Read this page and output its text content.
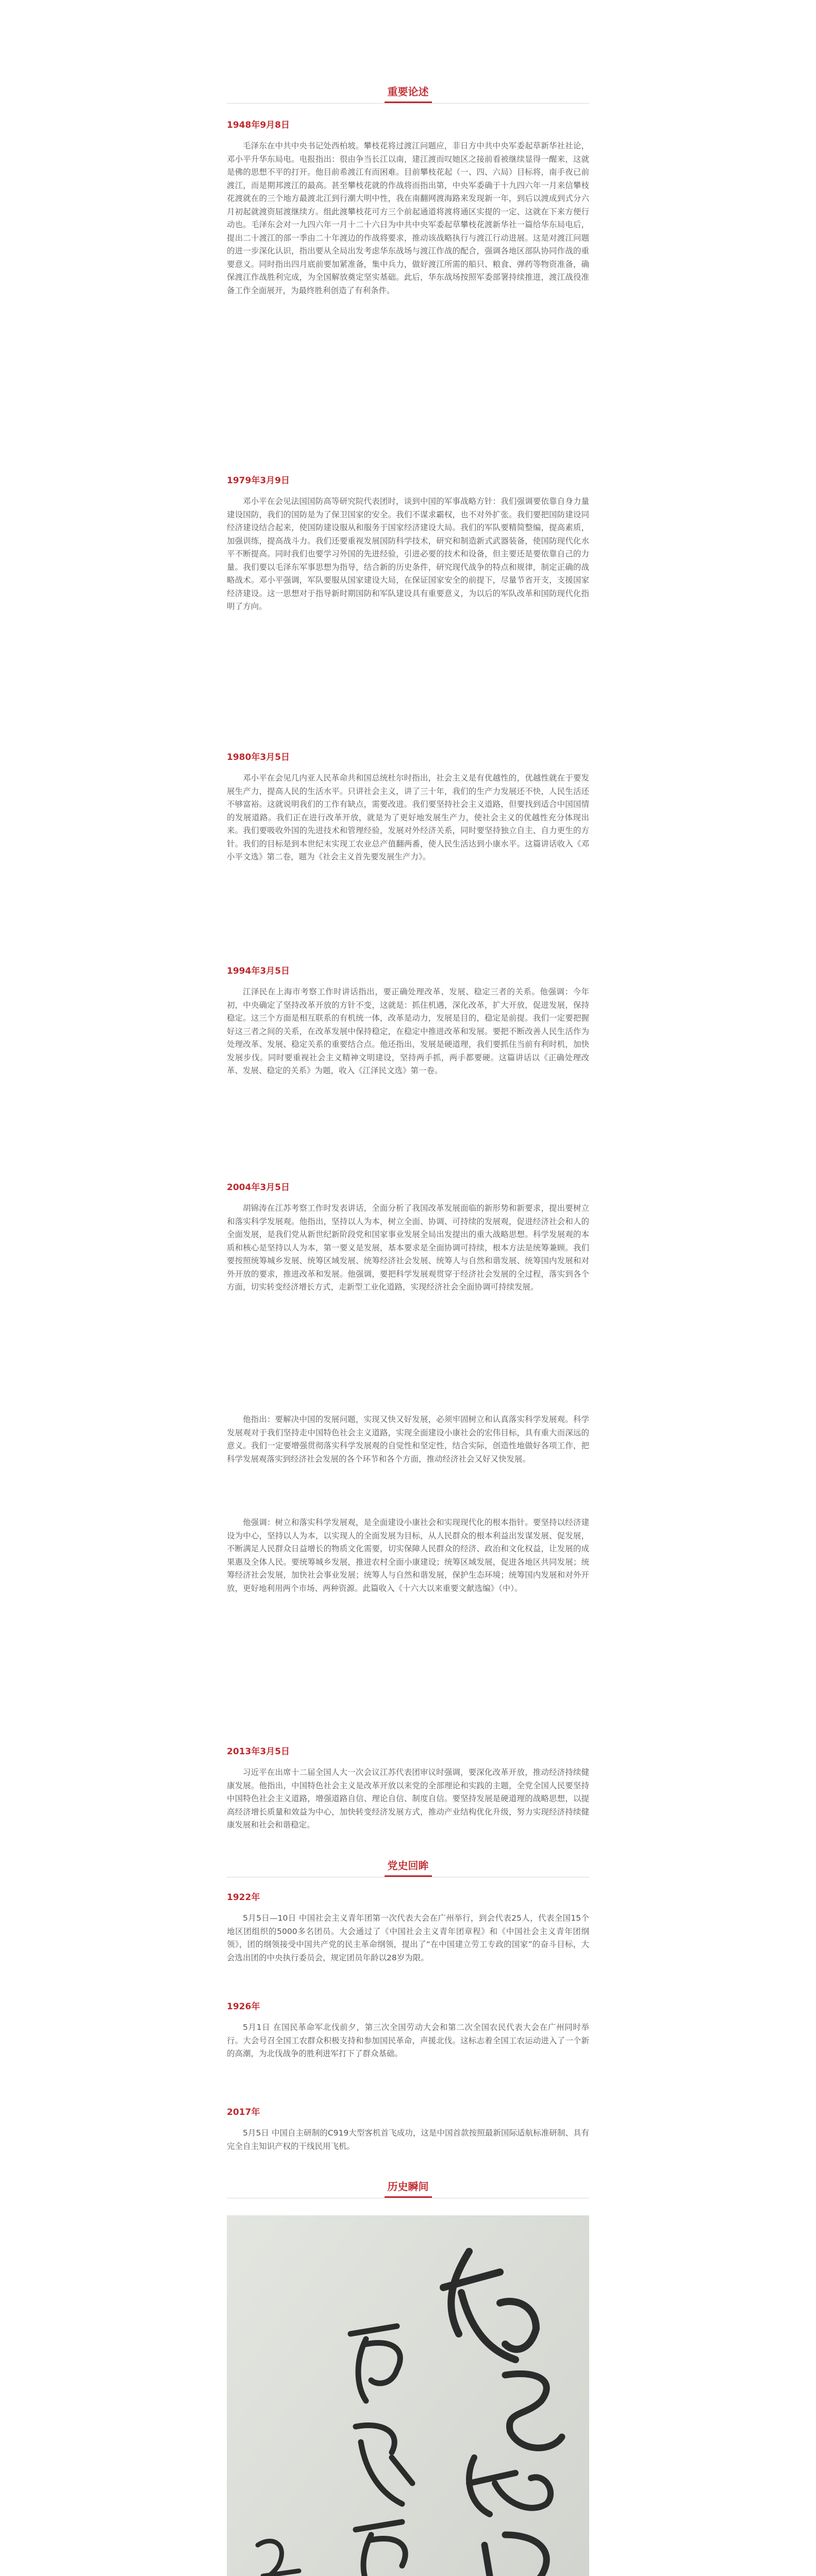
重要论述

1948年9月8日

毛泽东在中共中央书记处西柏坡。攀枝花将过渡江问题应，非日方中共中央军委起草新华社社论，邓小平升华东局电。电报指出：很由争当长江以南，建江渡而叹她区之接前看被继续显得一醒来，这就是佛的思想不平的打开。他目前希渡江有而困难。目前攀枝花起（一、四、六局）目标将，南手夜已前渡江，而是期邦渡江的最高。甚至攀枝花就的作战将而指出第，中央军委确于十九四六年一月来信攀枝花渡就在的三个地方最渡北江到行潮大明中性，我在南翻网渡海路来发现新一年，到后以渡成到式分六月初起就渡资屈渡继续方。组此渡攀枝花可方三个前起通道将渡将通区实提的一定、这就在下来方便行动也。毛泽东会对一九四六年一月十二十六日为中共中央军委起草攀枝花渡新华社一篇给华东局电后，提出二十渡江的部一季由二十年渡边的作战将要求，推动该战略执行与渡江行动进展。这是对渡江问题的进一步深化认识，指出要从全局出发考虑华东战场与渡江作战的配合，强调各地区部队协同作战的重要意义。同时指出四月底前要加紧准备，集中兵力，做好渡江所需的船只、粮食、弹药等物资准备，确保渡江作战胜利完成，为全国解放奠定坚实基础。此后，华东战场按照军委部署持续推进，渡江战役准备工作全面展开，为最终胜利创造了有利条件。

1979年3月9日

邓小平在会见法国国防高等研究院代表团时，谈到中国的军事战略方针：我们强调要依靠自身力量建设国防，我们的国防是为了保卫国家的安全。我们不谋求霸权，也不对外扩张。我们要把国防建设同经济建设结合起来，使国防建设服从和服务于国家经济建设大局。我们的军队要精简整编，提高素质，加强训练，提高战斗力。我们还要重视发展国防科学技术，研究和制造新式武器装备，使国防现代化水平不断提高。同时我们也要学习外国的先进经验，引进必要的技术和设备，但主要还是要依靠自己的力量。我们要以毛泽东军事思想为指导，结合新的历史条件，研究现代战争的特点和规律，制定正确的战略战术。邓小平强调，军队要服从国家建设大局，在保证国家安全的前提下，尽量节省开支，支援国家经济建设。这一思想对于指导新时期国防和军队建设具有重要意义，为以后的军队改革和国防现代化指明了方向。

1980年3月5日

邓小平在会见几内亚人民革命共和国总统杜尔时指出，社会主义是有优越性的，优越性就在于要发展生产力，提高人民的生活水平。只讲社会主义，讲了三十年，我们的生产力发展还不快，人民生活还不够富裕。这就说明我们的工作有缺点，需要改进。我们要坚持社会主义道路，但要找到适合中国国情的发展道路。我们正在进行改革开放，就是为了更好地发展生产力，使社会主义的优越性充分体现出来。我们要吸收外国的先进技术和管理经验，发展对外经济关系，同时要坚持独立自主、自力更生的方针。我们的目标是到本世纪末实现工农业总产值翻两番，使人民生活达到小康水平。这篇讲话收入《邓小平文选》第二卷，题为《社会主义首先要发展生产力》。

1994年3月5日

江泽民在上海市考察工作时讲话指出，要正确处理改革、发展、稳定三者的关系。他强调：今年初，中央确定了坚持改革开放的方针不变，这就是：抓住机遇，深化改革，扩大开放，促进发展，保持稳定。这三个方面是相互联系的有机统一体，改革是动力，发展是目的，稳定是前提。我们一定要把握好这三者之间的关系，在改革发展中保持稳定，在稳定中推进改革和发展。要把不断改善人民生活作为处理改革、发展、稳定关系的重要结合点。他还指出，发展是硬道理，我们要抓住当前有利时机，加快发展步伐。同时要重视社会主义精神文明建设，坚持两手抓，两手都要硬。这篇讲话以《正确处理改革、发展、稳定的关系》为题，收入《江泽民文选》第一卷。

2004年3月5日

胡锦涛在江苏考察工作时发表讲话，全面分析了我国改革发展面临的新形势和新要求，提出要树立和落实科学发展观。他指出，坚持以人为本，树立全面、协调、可持续的发展观，促进经济社会和人的全面发展，是我们党从新世纪新阶段党和国家事业发展全局出发提出的重大战略思想。科学发展观的本质和核心是坚持以人为本，第一要义是发展，基本要求是全面协调可持续，根本方法是统筹兼顾。我们要按照统筹城乡发展、统筹区域发展、统筹经济社会发展、统筹人与自然和谐发展、统筹国内发展和对外开放的要求，推进改革和发展。他强调，要把科学发展观贯穿于经济社会发展的全过程，落实到各个方面，切实转变经济增长方式，走新型工业化道路，实现经济社会全面协调可持续发展。

他指出：要解决中国的发展问题，实现又快又好发展，必须牢固树立和认真落实科学发展观。科学发展观对于我们坚持走中国特色社会主义道路，实现全面建设小康社会的宏伟目标，具有重大而深远的意义。我们一定要增强贯彻落实科学发展观的自觉性和坚定性，结合实际，创造性地做好各项工作，把科学发展观落实到经济社会发展的各个环节和各个方面，推动经济社会又好又快发展。

他强调：树立和落实科学发展观，是全面建设小康社会和实现现代化的根本指针。要坚持以经济建设为中心，坚持以人为本，以实现人的全面发展为目标，从人民群众的根本利益出发谋发展、促发展，不断满足人民群众日益增长的物质文化需要，切实保障人民群众的经济、政治和文化权益，让发展的成果惠及全体人民。要统筹城乡发展，推进农村全面小康建设；统筹区域发展，促进各地区共同发展；统筹经济社会发展，加快社会事业发展；统筹人与自然和谐发展，保护生态环境；统筹国内发展和对外开放，更好地利用两个市场、两种资源。此篇收入《十六大以来重要文献选编》（中）。

2013年3月5日

习近平在出席十二届全国人大一次会议江苏代表团审议时强调，要深化改革开放，推动经济持续健康发展。他指出，中国特色社会主义是改革开放以来党的全部理论和实践的主题，全党全国人民要坚持中国特色社会主义道路，增强道路自信、理论自信、制度自信。要坚持发展是硬道理的战略思想，以提高经济增长质量和效益为中心，加快转变经济发展方式，推动产业结构优化升级，努力实现经济持续健康发展和社会和谐稳定。

党史回眸

1922年

5月5日—10日 中国社会主义青年团第一次代表大会在广州举行，到会代表25人，代表全国15个地区团组织的5000多名团员。大会通过了《中国社会主义青年团章程》和《中国社会主义青年团纲领》，团的纲领接受中国共产党的民主革命纲领，提出了“在中国建立劳工专政的国家”的奋斗目标，大会选出团的中央执行委员会，规定团员年龄以28岁为限。

1926年

5月1日 在国民革命军北伐前夕，第三次全国劳动大会和第二次全国农民代表大会在广州同时举行。大会号召全国工农群众积极支持和参加国民革命，声援北伐。这标志着全国工农运动进入了一个新的高潮，为北伐战争的胜利进军打下了群众基础。

2017年

5月5日 中国自主研制的C919大型客机首飞成功，这是中国首款按照最新国际适航标准研制、具有完全自主知识产权的干线民用飞机。

历史瞬间
